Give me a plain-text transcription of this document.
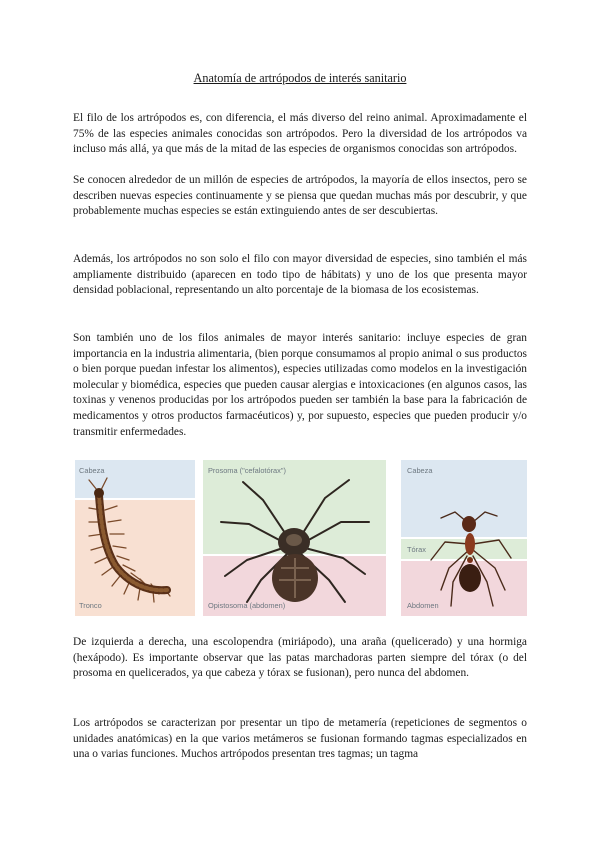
Anatomía de artrópodos de interés sanitario

El filo de los artrópodos es, con diferencia, el más diverso del reino animal. Aproximadamente el 75% de las especies animales conocidas son artrópodos. Pero la diversidad de los artrópodos va incluso más allá, ya que más de la mitad de las especies de organismos conocidas son artrópodos.

Se conocen alrededor de un millón de especies de artrópodos, la mayoría de ellos insectos, pero se describen nuevas especies continuamente y se piensa que quedan muchas más por descubrir, y que probablemente muchas especies se están extinguiendo antes de ser descubiertas.

Además, los artrópodos no son solo el filo con mayor diversidad de especies, sino también el más ampliamente distribuido (aparecen en todo tipo de hábitats) y uno de los que presenta mayor densidad poblacional, representando un alto porcentaje de la biomasa de los ecosistemas.

Son también uno de los filos animales de mayor interés sanitario: incluye especies de gran importancia en la industria alimentaria, (bien porque consumamos al propio animal o sus productos o bien porque puedan infestar los alimentos), especies utilizadas como modelos en la investigación molecular y biomédica, especies que pueden causar alergias e intoxicaciones (en algunos casos, las toxinas y venenos producidas por los artrópodos pueden ser también la base para la fabricación de medicamentos y otros productos farmacéuticos) y, por supuesto, especies que pueden producir y/o transmitir enfermedades.

Cabeza
Tronco
Prosoma ("cefalotórax")
Opistosoma (abdomen)
Cabeza
Tórax
Abdomen

De izquierda a derecha, una escolopendra (miriápodo), una araña (quelicerado) y una hormiga (hexápodo). Es importante observar que las patas marchadoras parten siempre del tórax (o del prosoma en quelicerados, ya que cabeza y tórax se fusionan), pero nunca del abdomen.

Los artrópodos se caracterizan por presentar un tipo de metamería (repeticiones de segmentos o unidades anatómicas) en la que varios metámeros se fusionan formando tagmas especializados en una o varias funciones. Muchos artrópodos presentan tres tagmas; un tagma
